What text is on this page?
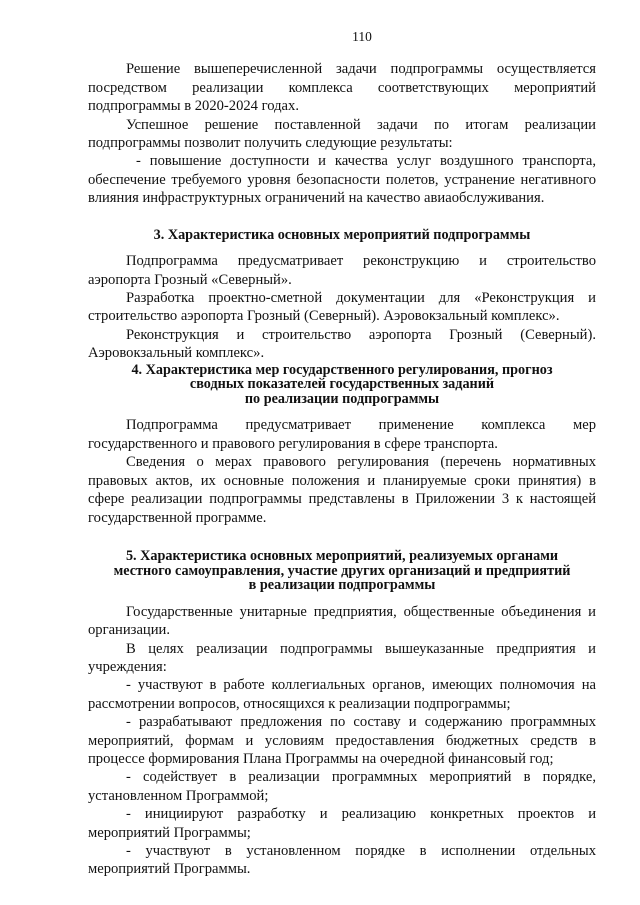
110

Решение вышеперечисленной задачи подпрограммы осуществляется посредством реализации комплекса соответствующих мероприятий подпрограммы в 2020-2024 годах.

Успешное решение поставленной задачи по итогам реализации подпрограммы позволит получить следующие результаты:

- повышение доступности и качества услуг воздушного транспорта, обеспечение требуемого уровня безопасности полетов, устранение негативного влияния инфраструктурных ограничений на качество авиаобслуживания.

3. Характеристика основных мероприятий подпрограммы

Подпрограмма предусматривает реконструкцию и строительство аэропорта Грозный «Северный».

Разработка проектно-сметной документации для «Реконструкция и строительство аэропорта Грозный (Северный). Аэровокзальный комплекс».

Реконструкция и строительство аэропорта Грозный (Северный). Аэровокзальный комплекс».

4. Характеристика мер государственного регулирования, прогноз
сводных показателей государственных заданий
по реализации подпрограммы

Подпрограмма предусматривает применение комплекса мер государственного и правового регулирования в сфере транспорта.

Сведения о мерах правового регулирования (перечень нормативных правовых актов, их основные положения и планируемые сроки принятия) в сфере реализации подпрограммы представлены в Приложении 3 к настоящей государственной программе.

5. Характеристика основных мероприятий, реализуемых органами
местного самоуправления, участие других организаций и предприятий
в реализации подпрограммы

Государственные унитарные предприятия, общественные объединения и организации.

В целях реализации подпрограммы вышеуказанные предприятия и учреждения:

- участвуют в работе коллегиальных органов, имеющих полномочия на рассмотрении вопросов, относящихся к реализации подпрограммы;

- разрабатывают предложения по составу и содержанию программных мероприятий, формам и условиям предоставления бюджетных средств в процессе формирования Плана Программы на очередной финансовый год;

- содействует в реализации программных мероприятий в порядке, установленном Программой;

- инициируют разработку и реализацию конкретных проектов и мероприятий Программы;

- участвуют в установленном порядке в исполнении отдельных мероприятий Программы.
